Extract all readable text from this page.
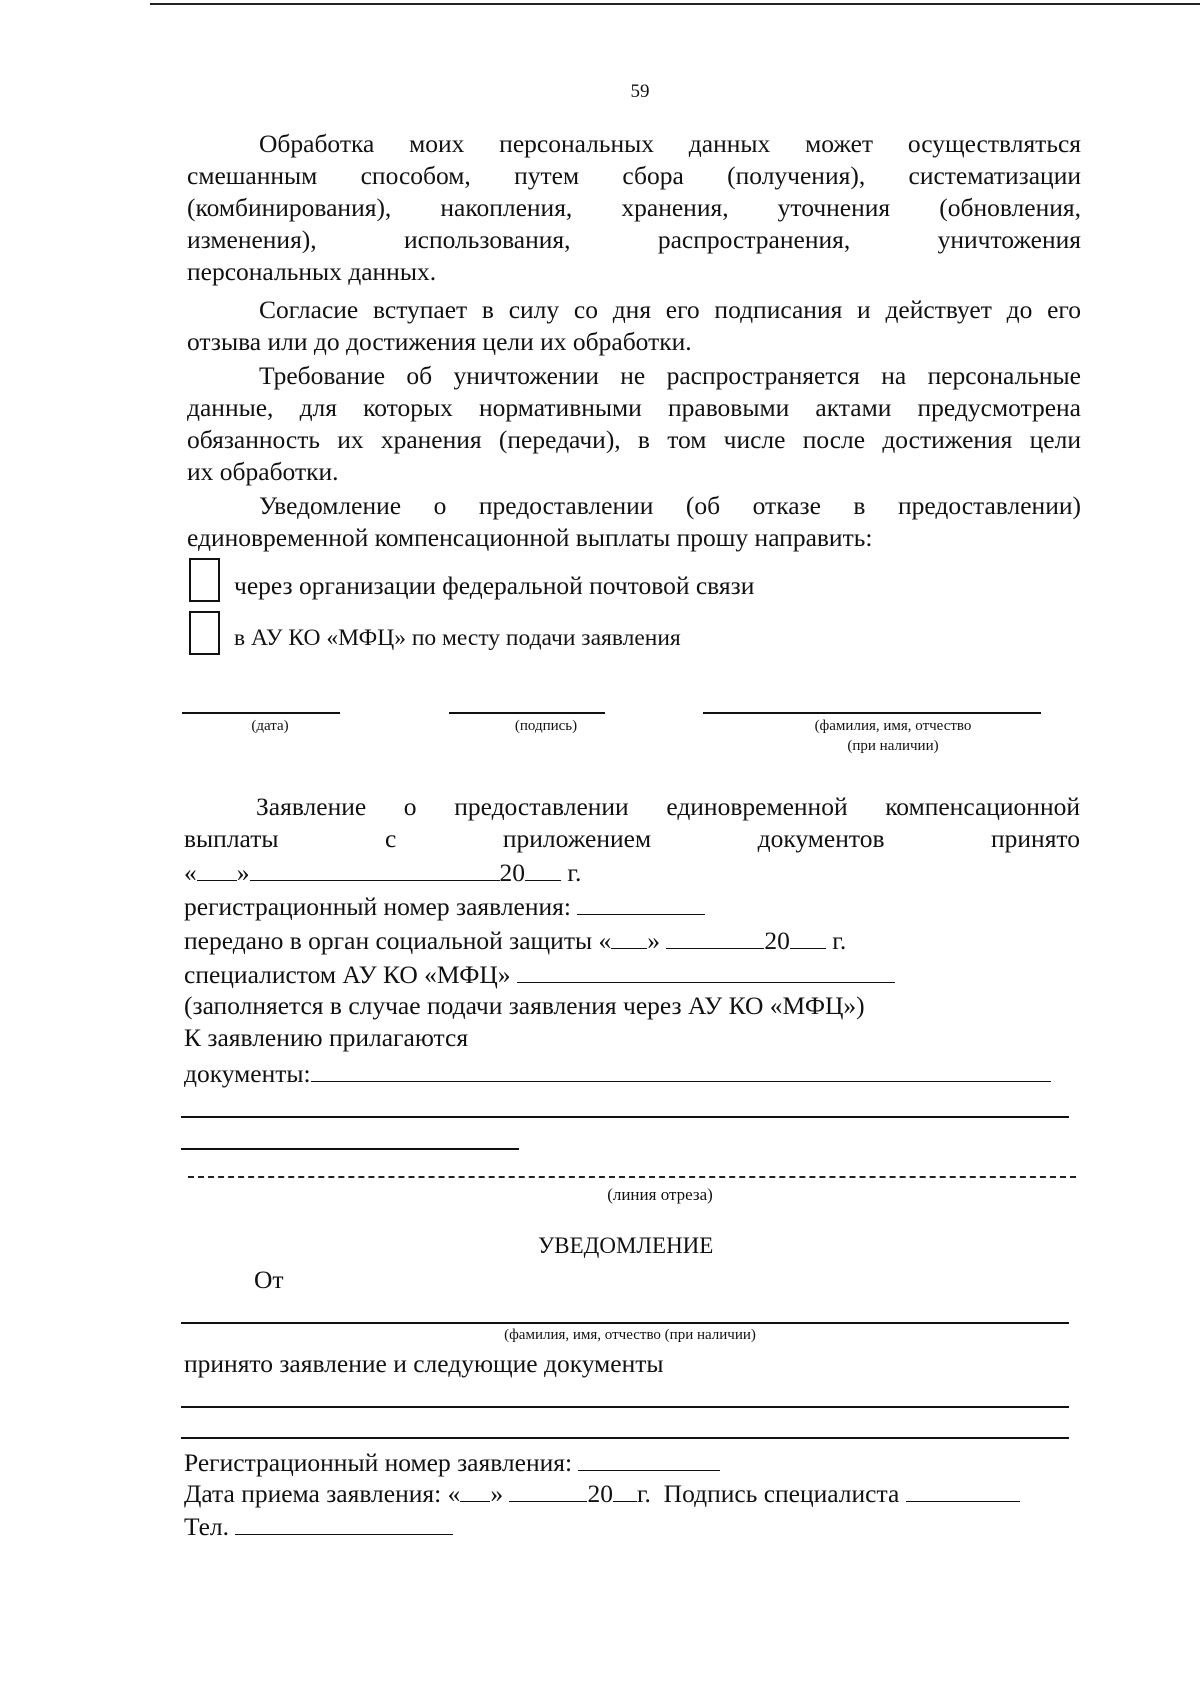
59
Обработка моих персональных данных может осуществляться
смешанным способом, путем сбора (получения), систематизации
(комбинирования), накопления, хранения, уточнения (обновления,
изменения), использования, распространения, уничтожения
персональных данных.
Согласие вступает в силу со дня его подписания и действует до его
отзыва или до достижения цели их обработки.
Требование об уничтожении не распространяется на персональные
данные, для которых нормативными правовыми актами предусмотрена
обязанность их хранения (передачи), в том числе после достижения цели
их обработки.
Уведомление о предоставлении (об отказе в предоставлении)
единовременной компенсационной выплаты прошу направить:
через организации федеральной почтовой связи
в АУ КО «МФЦ» по месту подачи заявления
(дата)	(подпись)	(фамилия, имя, отчество
(при наличии)
Заявление о предоставлении единовременной компенсационной
выплаты с приложением документов принято
« »	20 г.
регистрационный номер заявления:
передано в орган социальной защиты « »	20 г.
специалистом АУ КО «МФЦ»
(заполняется в случае подачи заявления через АУ КО «МФЦ»)
К заявлению прилагаются
документы:
(линия отреза)
УВЕДОМЛЕНИЕ
От
(фамилия, имя, отчество (при наличии)
принято заявление и следующие документы
Регистрационный номер заявления:
Дата приема заявления: « »	20 г. Подпись специалиста
Тел.
